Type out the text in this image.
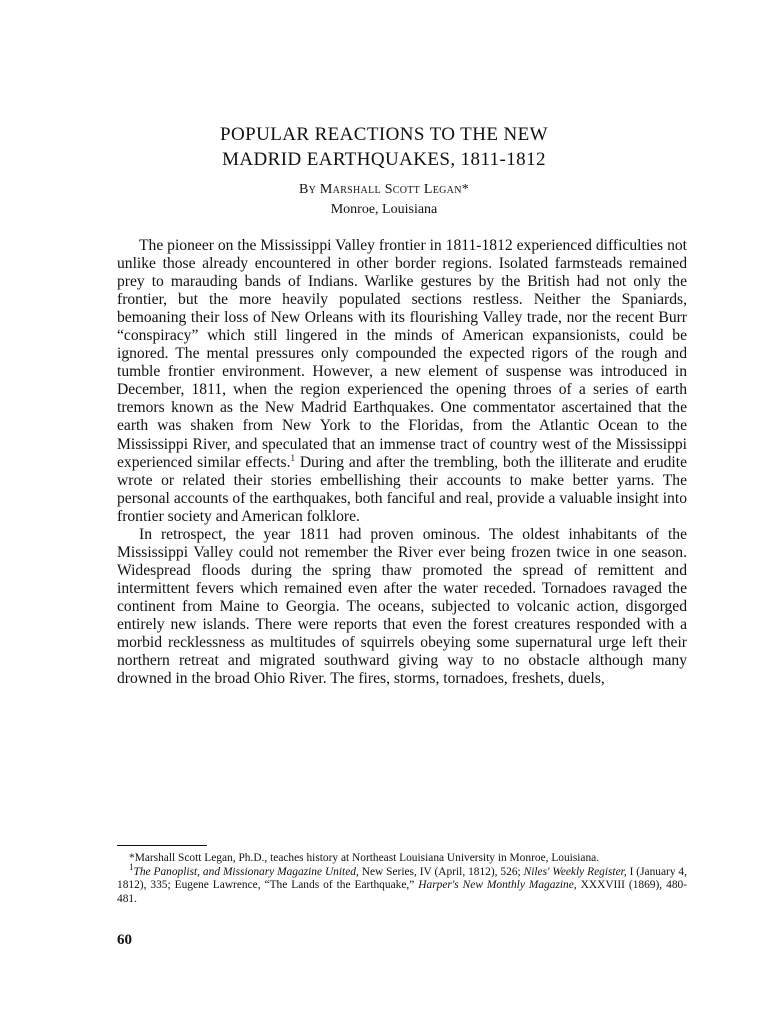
POPULAR REACTIONS TO THE NEW
MADRID EARTHQUAKES, 1811-1812
By Marshall Scott Legan*
Monroe, Louisiana

The pioneer on the Mississippi Valley frontier in 1811-1812 experienced difficulties not unlike those already encountered in other border regions. Isolated farmsteads remained prey to marauding bands of Indians. Warlike gestures by the British had not only the frontier, but the more heavily populated sections restless. Neither the Spaniards, bemoaning their loss of New Orleans with its flourishing Valley trade, nor the recent Burr “conspiracy” which still lingered in the minds of American expansionists, could be ignored. The mental pressures only compounded the expected rigors of the rough and tumble frontier environment. However, a new element of suspense was introduced in December, 1811, when the region experienced the opening throes of a series of earth tremors known as the New Madrid Earthquakes. One commentator ascertained that the earth was shaken from New York to the Floridas, from the Atlantic Ocean to the Mississippi River, and speculated that an immense tract of country west of the Mississippi experienced similar effects.$^1$ During and after the trembling, both the illiterate and erudite wrote or related their stories embellishing their accounts to make better yarns. The personal accounts of the earthquakes, both fanciful and real, provide a valuable insight into frontier society and American folklore.

In retrospect, the year 1811 had proven ominous. The oldest inhabitants of the Mississippi Valley could not remember the River ever being frozen twice in one season. Widespread floods during the spring thaw promoted the spread of remittent and intermittent fevers which remained even after the water receded. Tornadoes ravaged the continent from Maine to Georgia. The oceans, subjected to volcanic action, disgorged entirely new islands. There were reports that even the forest creatures responded with a morbid recklessness as multitudes of squirrels obeying some supernatural urge left their northern retreat and migrated southward giving way to no obstacle although many drowned in the broad Ohio River. The fires, storms, tornadoes, freshets, duels,

*Marshall Scott Legan, Ph.D., teaches history at Northeast Louisiana University in Monroe, Louisiana.

$^1$The Panoplist, and Missionary Magazine United, New Series, IV (April, 1812), 526; Niles' Weekly Register, I (January 4, 1812), 335; Eugene Lawrence, “The Lands of the Earthquake,” Harper's New Monthly Magazine, XXXVIII (1869), 480-481.

60
